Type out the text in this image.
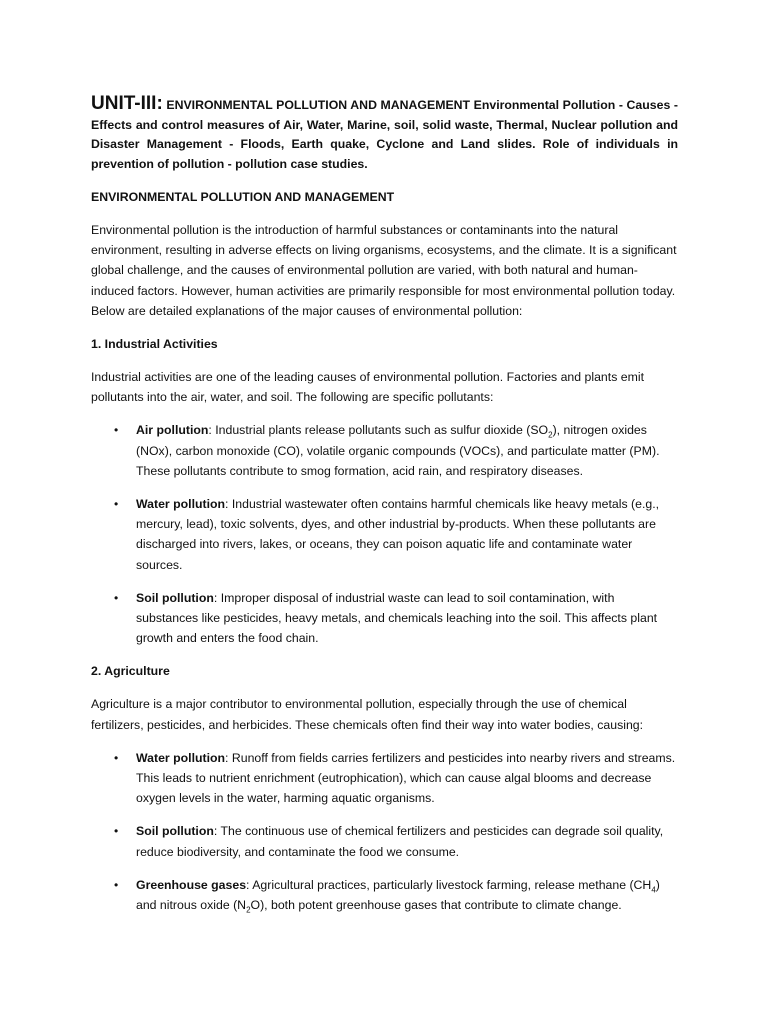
UNIT-III: ENVIRONMENTAL POLLUTION AND MANAGEMENT Environmental Pollution - Causes - Effects and control measures of Air, Water, Marine, soil, solid waste, Thermal, Nuclear pollution and Disaster Management - Floods, Earth quake, Cyclone and Land slides. Role of individuals in prevention of pollution - pollution case studies.
ENVIRONMENTAL POLLUTION AND MANAGEMENT

Environmental pollution is the introduction of harmful substances or contaminants into the natural environment, resulting in adverse effects on living organisms, ecosystems, and the climate. It is a significant global challenge, and the causes of environmental pollution are varied, with both natural and human-induced factors. However, human activities are primarily responsible for most environmental pollution today. Below are detailed explanations of the major causes of environmental pollution:

1. Industrial Activities

Industrial activities are one of the leading causes of environmental pollution. Factories and plants emit pollutants into the air, water, and soil. The following are specific pollutants:

• Air pollution: Industrial plants release pollutants such as sulfur dioxide $(SO_2)$, nitrogen oxides (NOx), carbon monoxide (CO), volatile organic compounds (VOCs), and particulate matter (PM). These pollutants contribute to smog formation, acid rain, and respiratory diseases.
• Water pollution: Industrial wastewater often contains harmful chemicals like heavy metals (e.g., mercury, lead), toxic solvents, dyes, and other industrial by-products. When these pollutants are discharged into rivers, lakes, or oceans, they can poison aquatic life and contaminate water sources.
• Soil pollution: Improper disposal of industrial waste can lead to soil contamination, with substances like pesticides, heavy metals, and chemicals leaching into the soil. This affects plant growth and enters the food chain.
2. Agriculture

Agriculture is a major contributor to environmental pollution, especially through the use of chemical fertilizers, pesticides, and herbicides. These chemicals often find their way into water bodies, causing:

• Water pollution: Runoff from fields carries fertilizers and pesticides into nearby rivers and streams. This leads to nutrient enrichment (eutrophication), which can cause algal blooms and decrease oxygen levels in the water, harming aquatic organisms.
• Soil pollution: The continuous use of chemical fertilizers and pesticides can degrade soil quality, reduce biodiversity, and contaminate the food we consume.
• Greenhouse gases: Agricultural practices, particularly livestock farming, release methane $(CH_4)$ and nitrous oxide $(N_2O)$, both potent greenhouse gases that contribute to climate change.
